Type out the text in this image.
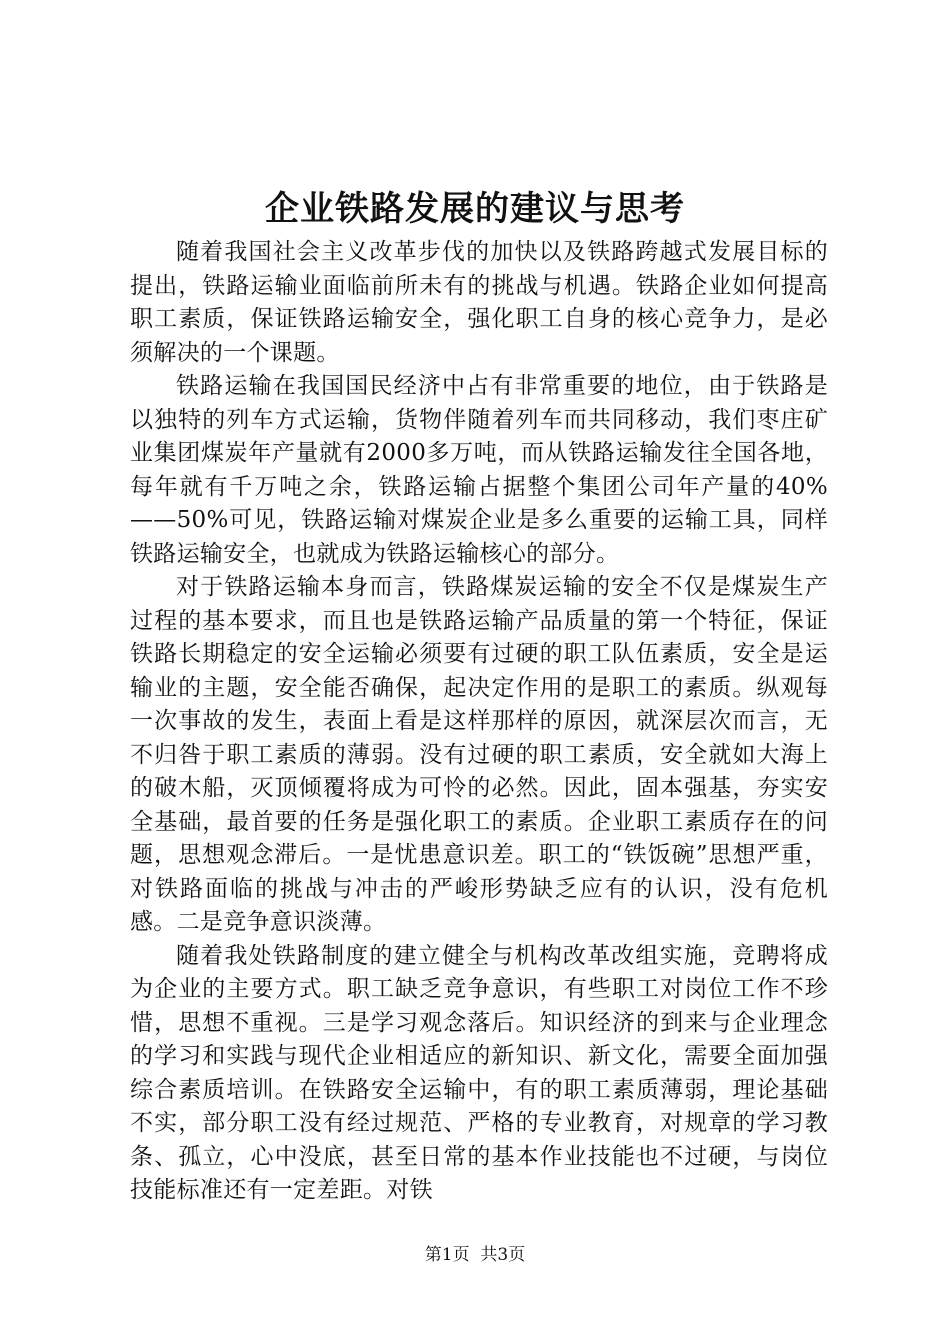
企业铁路发展的建议与思考

随着我国社会主义改革步伐的加快以及铁路跨越式发展目标的提出，铁路运输业面临前所未有的挑战与机遇。铁路企业如何提高职工素质，保证铁路运输安全，强化职工自身的核心竞争力，是必须解决的一个课题。

铁路运输在我国国民经济中占有非常重要的地位，由于铁路是以独特的列车方式运输，货物伴随着列车而共同移动，我们枣庄矿业集团煤炭年产量就有2000多万吨，而从铁路运输发往全国各地，每年就有千万吨之余，铁路运输占据整个集团公司年产量的40%——50%可见，铁路运输对煤炭企业是多么重要的运输工具，同样铁路运输安全，也就成为铁路运输核心的部分。

对于铁路运输本身而言，铁路煤炭运输的安全不仅是煤炭生产过程的基本要求，而且也是铁路运输产品质量的第一个特征，保证铁路长期稳定的安全运输必须要有过硬的职工队伍素质，安全是运输业的主题，安全能否确保，起决定作用的是职工的素质。纵观每一次事故的发生，表面上看是这样那样的原因，就深层次而言，无不归咎于职工素质的薄弱。没有过硬的职工素质，安全就如大海上的破木船，灭顶倾覆将成为可怜的必然。因此，固本强基，夯实安全基础，最首要的任务是强化职工的素质。企业职工素质存在的问题，思想观念滞后。一是忧患意识差。职工的“铁饭碗”思想严重，对铁路面临的挑战与冲击的严峻形势缺乏应有的认识，没有危机感。二是竞争意识淡薄。

随着我处铁路制度的建立健全与机构改革改组实施，竞聘将成为企业的主要方式。职工缺乏竞争意识，有些职工对岗位工作不珍惜，思想不重视。三是学习观念落后。知识经济的到来与企业理念的学习和实践与现代企业相适应的新知识、新文化，需要全面加强综合素质培训。在铁路安全运输中，有的职工素质薄弱，理论基础不实，部分职工没有经过规范、严格的专业教育，对规章的学习教条、孤立，心中没底，甚至日常的基本作业技能也不过硬，与岗位技能标准还有一定差距。对铁

第1页 共3页
